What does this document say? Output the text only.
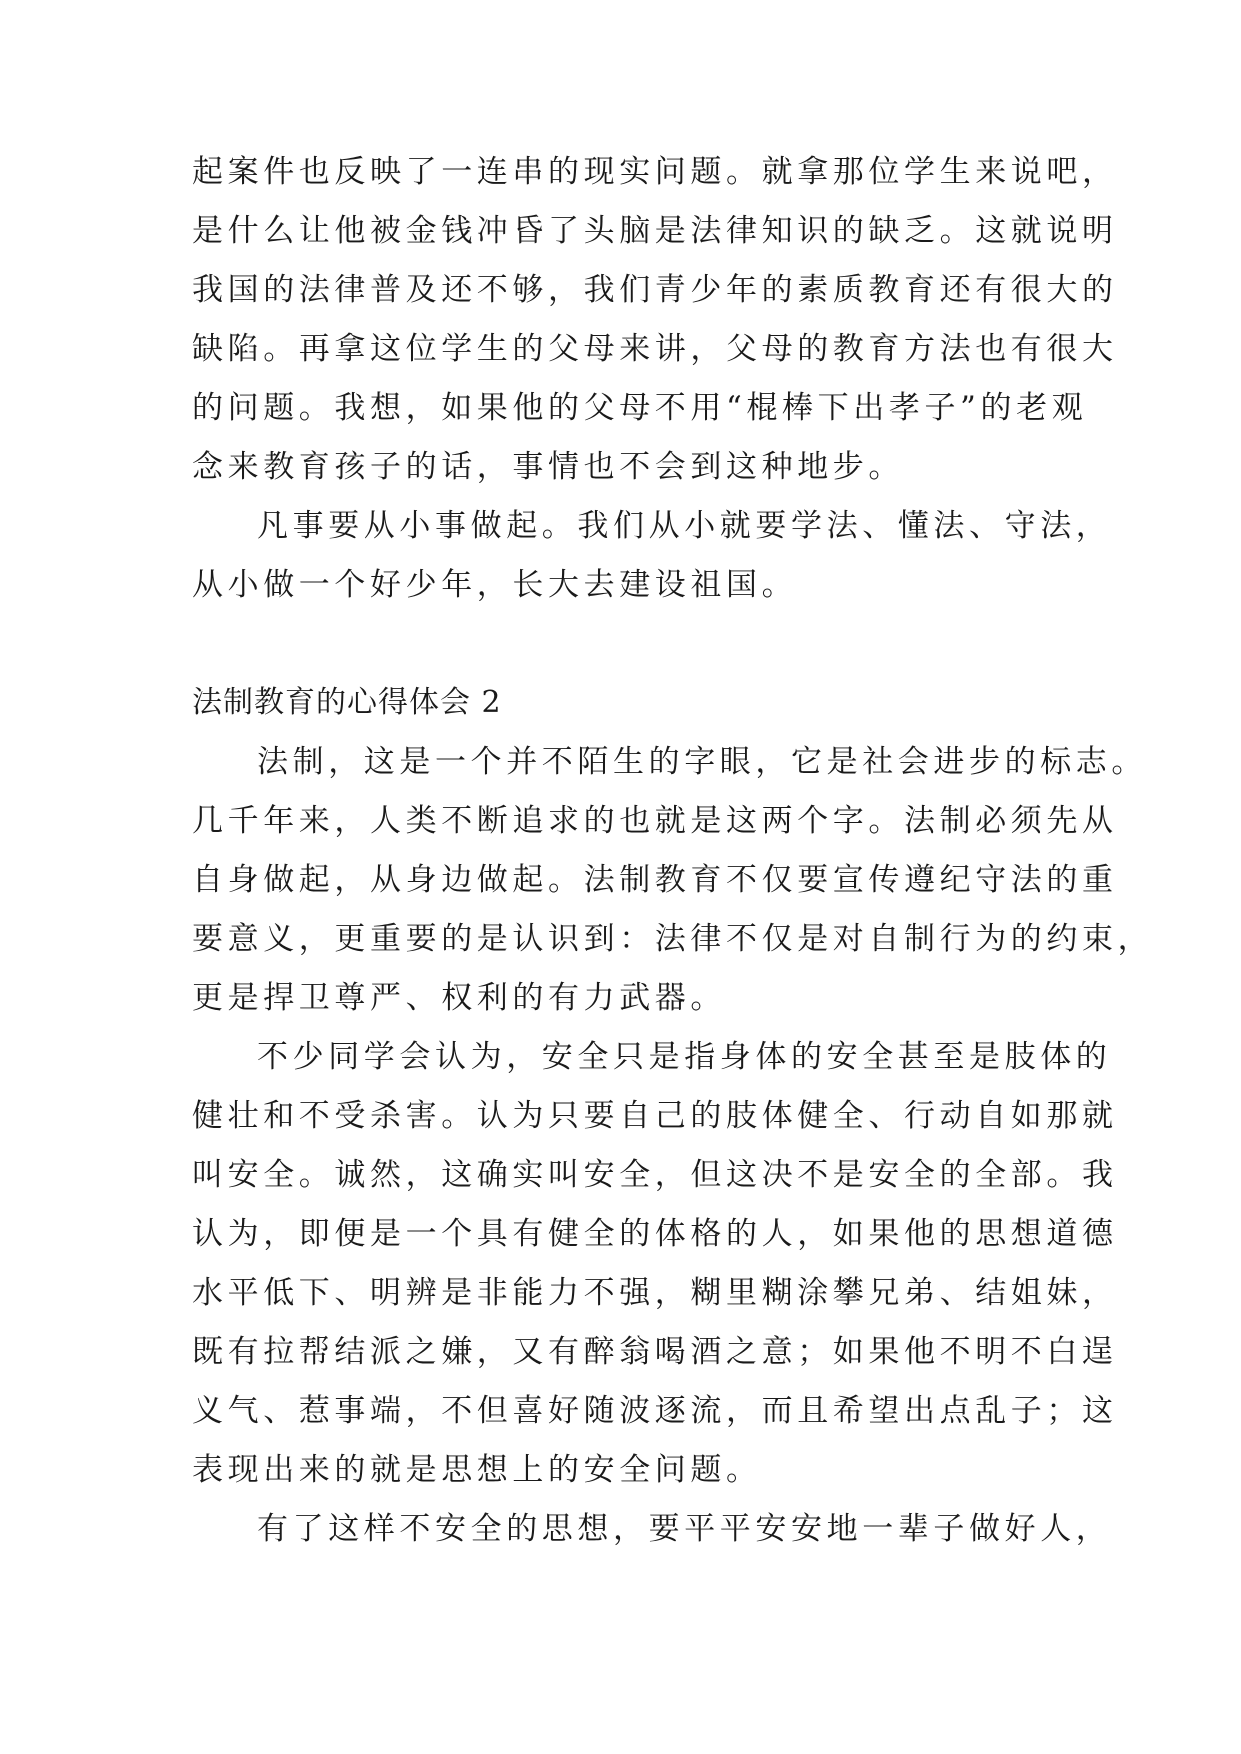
起案件也反映了一连串的现实问题。就拿那位学生来说吧，
是什么让他被金钱冲昏了头脑是法律知识的缺乏。这就说明
我国的法律普及还不够，我们青少年的素质教育还有很大的
缺陷。再拿这位学生的父母来讲，父母的教育方法也有很大
的问题。我想，如果他的父母不用“棍棒下出孝子”的老观
念来教育孩子的话，事情也不会到这种地步。
凡事要从小事做起。我们从小就要学法、懂法、守法，
从小做一个好少年，长大去建设祖国。
法制教育的心得体会 2
法制，这是一个并不陌生的字眼，它是社会进步的标志。
几千年来，人类不断追求的也就是这两个字。法制必须先从
自身做起，从身边做起。法制教育不仅要宣传遵纪守法的重
要意义，更重要的是认识到：法律不仅是对自制行为的约束，
更是捍卫尊严、权利的有力武器。
不少同学会认为，安全只是指身体的安全甚至是肢体的
健壮和不受杀害。认为只要自己的肢体健全、行动自如那就
叫安全。诚然，这确实叫安全，但这决不是安全的全部。我
认为，即便是一个具有健全的体格的人，如果他的思想道德
水平低下、明辨是非能力不强，糊里糊涂攀兄弟、结姐妹，
既有拉帮结派之嫌，又有醉翁喝酒之意；如果他不明不白逞
义气、惹事端，不但喜好随波逐流，而且希望出点乱子；这
表现出来的就是思想上的安全问题。
有了这样不安全的思想，要平平安安地一辈子做好人，
